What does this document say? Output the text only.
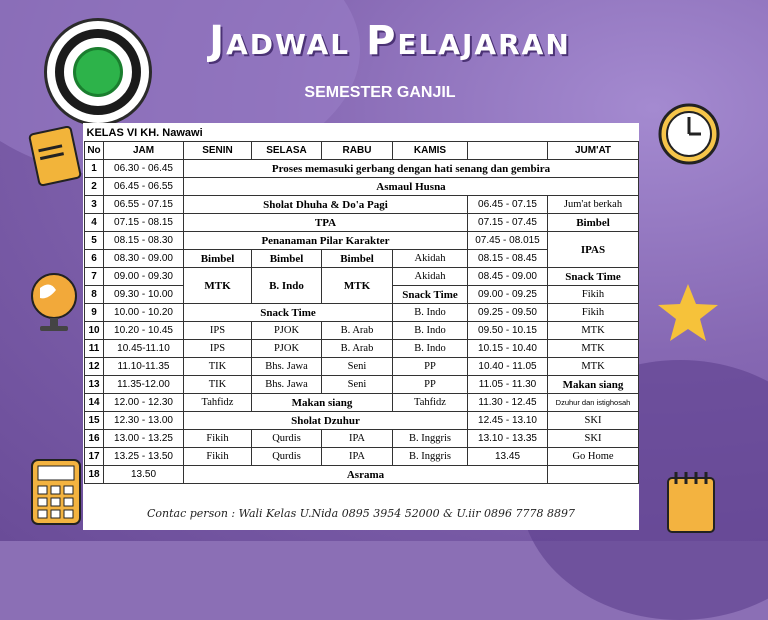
Jadwal Pelajaran
SEMESTER GANJIL
KELAS VI KH. Nawawi							
No	JAM	SENIN	SELASA	RABU	KAMIS		JUM'AT
1	06.30 - 06.45	Proses memasuki gerbang dengan hati senang dan gembira					
2	06.45 - 06.55	Asmaul Husna					
3	06.55 - 07.15	Sholat Dhuha & Do'a Pagi				06.45 - 07.15	Jum'at berkah
4	07.15 - 08.15	TPA				07.15 - 07.45	Bimbel
5	08.15 - 08.30	Penanaman Pilar Karakter				07.45 - 08.015	IPAS
6	08.30 - 09.00	Bimbel	Bimbel	Bimbel	Akidah	08.15 - 08.45	
7	09.00 - 09.30	MTK	B. Indo	MTK	Akidah	08.45 - 09.00	Snack Time
8	09.30 - 10.00				Snack Time	09.00 - 09.25	Fikih
9	10.00 - 10.20	Snack Time			B. Indo	09.25 - 09.50	Fikih
10	10.20 - 10.45	IPS	PJOK	B. Arab	B. Indo	09.50 - 10.15	MTK
11	10.45-11.10	IPS	PJOK	B. Arab	B. Indo	10.15 - 10.40	MTK
12	11.10-11.35	TIK	Bhs. Jawa	Seni	PP	10.40 - 11.05	MTK
13	11.35-12.00	TIK	Bhs. Jawa	Seni	PP	11.05 - 11.30	Makan siang
14	12.00 - 12.30	Tahfidz	Makan siang		Tahfidz	11.30 - 12.45	Dzuhur dan istighosah
15	12.30 - 13.00	Sholat Dzuhur				12.45 - 13.10	SKI
16	13.00 - 13.25	Fikih	Qurdis	IPA	B. Inggris	13.10 - 13.35	SKI
17	13.25 - 13.50	Fikih	Qurdis	IPA	B. Inggris	13.45	Go Home
18	13.50	Asrama					
Contac person : Wali Kelas U.Nida 0895 3954 52000 & U.iir 0896 7778 8897
